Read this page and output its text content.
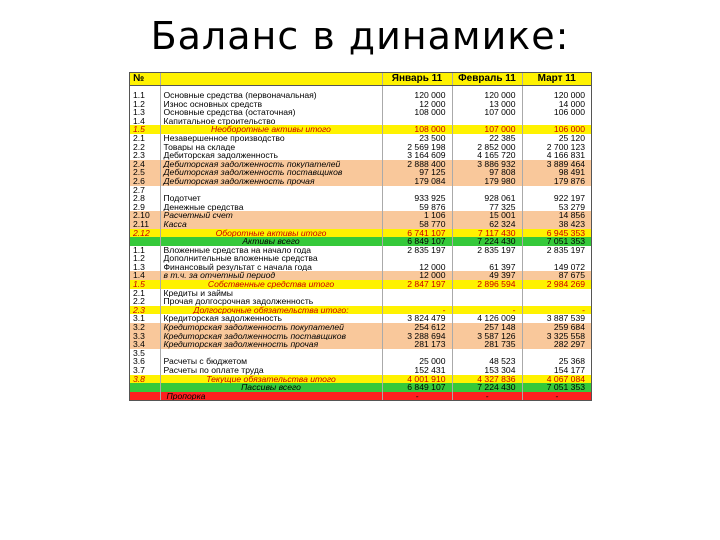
Баланс в динамике:
№		Январь 11	Февраль 11	Март 11

1.1	Основные средства (первоначальная)	120 000	120 000	120 000
1.2	Износ основных средств	12 000	13 000	14 000
1.3	Основные средства (остаточная)	108 000	107 000	106 000
1.4	Капитальное строительство			
1.5	Необоротные активы итого	108 000	107 000	106 000
2.1	Незавершенное производство	23 500	22 385	25 120
2.2	Товары на складе	2 569 198	2 852 000	2 700 123
2.3	Дебиторская задолженность	3 164 609	4 165 720	4 166 831
2.4	Дебиторская задолженность покупателей	2 888 400	3 886 932	3 889 464
2.5	Дебиторская задолженность поставщиков	97 125	97 808	98 491
2.6	Дебиторская задолженность прочая	179 084	179 980	179 876
2.7				
2.8	Подотчет	933 925	928 061	922 197
2.9	Денежные средства	59 876	77 325	53 279
2.10	Расчетный счет	1 106	15 001	14 856
2.11	Касса	58 770	62 324	38 423
2.12	Оборотные активы итого	6 741 107	7 117 430	6 945 353
	Активы всего	6 849 107	7 224 430	7 051 353
1.1	Вложенные средства на начало года	2 835 197	2 835 197	2 835 197
1.2	Дополнительные вложенные средства			
1.3	Финансовый результат с начала года	12 000	61 397	149 072
1.4	в т.ч. за отчетный период	12 000	49 397	87 675
1.5	Собственные средства итого	2 847 197	2 896 594	2 984 269
2.1	Кредиты и займы			
2.2	Прочая долгосрочная задолженность			
2.3	Долгосрочные обязательства итого:	-	-	-
3.1	Кредиторская задолженность	3 824 479	4 126 009	3 887 539
3.2	Кредиторская задолженность покупателей	254 612	257 148	259 684
3.3	Кредиторская задолженность поставщиков	3 288 694	3 587 126	3 325 558
3.4	Кредиторская задолженность прочая	281 173	281 735	282 297
3.5				
3.6	Расчеты с бюджетом	25 000	48 523	25 368
3.7	Расчеты по оплате труда	152 431	153 304	154 177
3.8	Текущие обязательства итого	4 001 910	4 327 836	4 067 084
	Пассивы всего	6 849 107	7 224 430	7 051 353
	Пропорка	-	-	-
